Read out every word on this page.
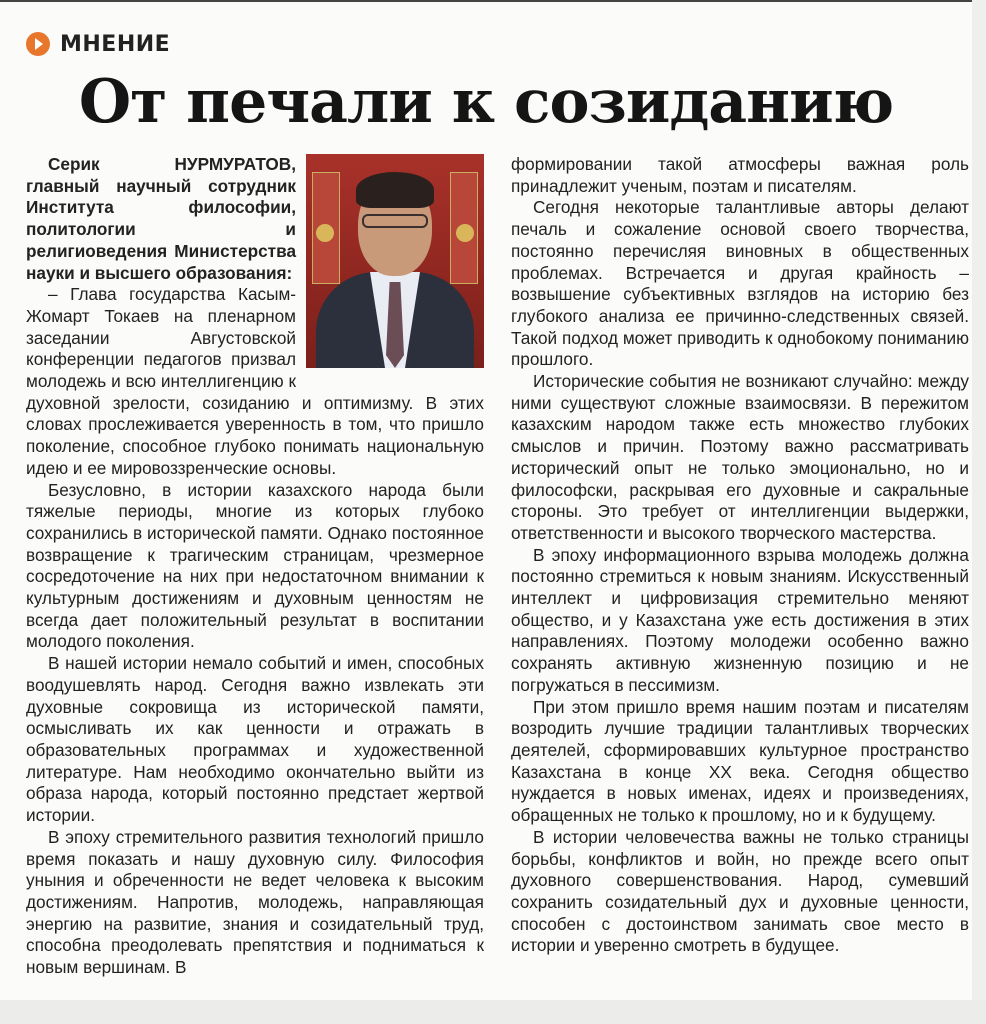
МНЕНИЕ
От печали к созиданию

Серик НУРМУРАТОВ, главный научный сотрудник Института философии, политологии и религиоведения Министерства науки и высшего образования:

– Глава государства Касым-Жомарт Токаев на пленарном заседании Августовской конференции педагогов призвал молодежь и всю интеллигенцию к духовной зрелости, созиданию и оптимизму. В этих словах прослеживается уверенность в том, что пришло поколение, способное глубоко понимать национальную идею и ее мировоззренческие основы.

Безусловно, в истории казахского народа были тяжелые периоды, многие из которых глубоко сохранились в исторической памяти. Однако постоянное возвращение к трагическим страницам, чрезмерное сосредоточение на них при недостаточном внимании к культурным достижениям и духовным ценностям не всегда дает положительный результат в воспитании молодого поколения.

В нашей истории немало событий и имен, способных воодушевлять народ. Сегодня важно извлекать эти духовные сокровища из исторической памяти, осмысливать их как ценности и отражать в образовательных программах и художественной литературе. Нам необходимо окончательно выйти из образа народа, который постоянно предстает жертвой истории.

В эпоху стремительного развития технологий пришло время показать и нашу духовную силу. Философия уныния и обреченности не ведет человека к высоким достижениям. Напротив, молодежь, направляющая энергию на развитие, знания и созидательный труд, способна преодолевать препятствия и подниматься к новым вершинам. В

формировании такой атмосферы важная роль принадлежит ученым, поэтам и писателям.

Сегодня некоторые талантливые авторы делают печаль и сожаление основой своего творчества, постоянно перечисляя виновных в общественных проблемах. Встречается и другая крайность – возвышение субъективных взглядов на историю без глубокого анализа ее причинно-следственных связей. Такой подход может приводить к однобокому пониманию прошлого.

Исторические события не возникают случайно: между ними существуют сложные взаимосвязи. В пережитом казахским народом также есть множество глубоких смыслов и причин. Поэтому важно рассматривать исторический опыт не только эмоционально, но и философски, раскрывая его духовные и сакральные стороны. Это требует от интеллигенции выдержки, ответственности и высокого творческого мастерства.

В эпоху информационного взрыва молодежь должна постоянно стремиться к новым знаниям. Искусственный интеллект и цифровизация стремительно меняют общество, и у Казахстана уже есть достижения в этих направлениях. Поэтому молодежи особенно важно сохранять активную жизненную позицию и не погружаться в пессимизм.

При этом пришло время нашим поэтам и писателям возродить лучшие традиции талантливых творческих деятелей, сформировавших культурное пространство Казахстана в конце XX века. Сегодня общество нуждается в новых именах, идеях и произведениях, обращенных не только к прошлому, но и к будущему.

В истории человечества важны не только страницы борьбы, конфликтов и войн, но прежде всего опыт духовного совершенствования. Народ, сумевший сохранить созидательный дух и духовные ценности, способен с достоинством занимать свое место в истории и уверенно смотреть в будущее.
